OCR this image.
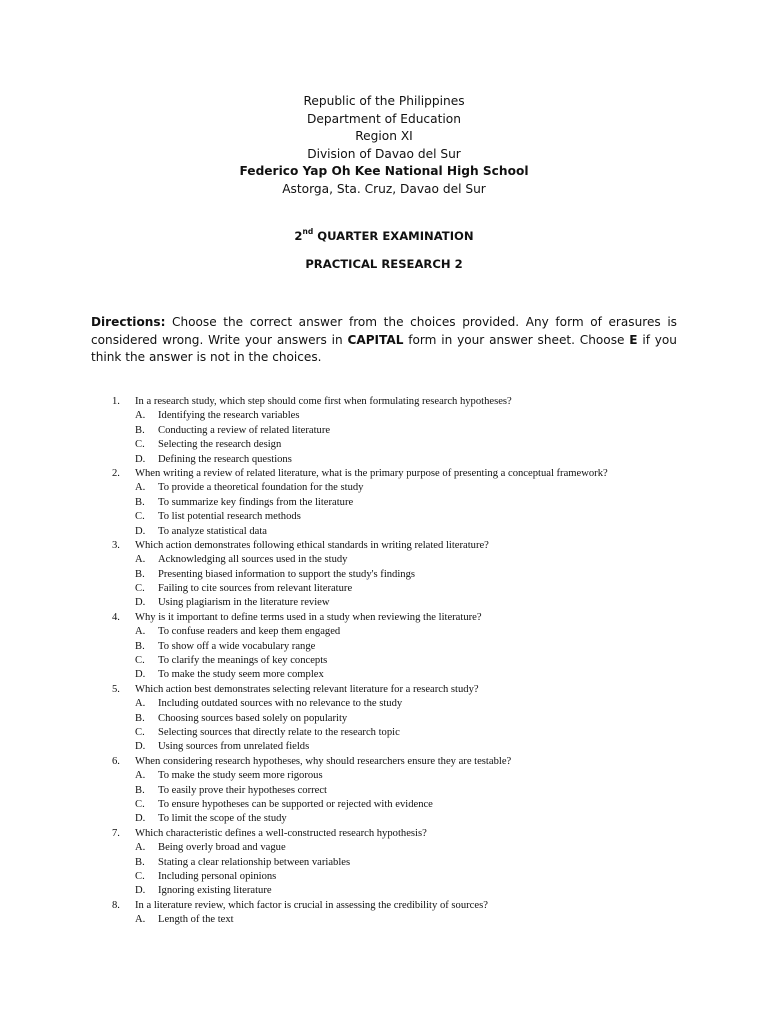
Republic of the Philippines
Department of Education
Region XI
Division of Davao del Sur
Federico Yap Oh Kee National High School
Astorga, Sta. Cruz, Davao del Sur
2nd QUARTER EXAMINATION
PRACTICAL RESEARCH 2
Directions: Choose the correct answer from the choices provided. Any form of erasures is considered wrong. Write your answers in CAPITAL form in your answer sheet. Choose E if you think the answer is not in the choices.
1.	In a research study, which step should come first when formulating research hypotheses?
A. Identifying the research variables
B. Conducting a review of related literature
C. Selecting the research design
D. Defining the research questions
2.	When writing a review of related literature, what is the primary purpose of presenting a conceptual framework?
A. To provide a theoretical foundation for the study
B. To summarize key findings from the literature
C. To list potential research methods
D. To analyze statistical data
3.	Which action demonstrates following ethical standards in writing related literature?
A. Acknowledging all sources used in the study
B. Presenting biased information to support the study's findings
C. Failing to cite sources from relevant literature
D. Using plagiarism in the literature review
4.	Why is it important to define terms used in a study when reviewing the literature?
A. To confuse readers and keep them engaged
B. To show off a wide vocabulary range
C. To clarify the meanings of key concepts
D. To make the study seem more complex
5.	Which action best demonstrates selecting relevant literature for a research study?
A. Including outdated sources with no relevance to the study
B. Choosing sources based solely on popularity
C. Selecting sources that directly relate to the research topic
D. Using sources from unrelated fields
6.	When considering research hypotheses, why should researchers ensure they are testable?
A. To make the study seem more rigorous
B. To easily prove their hypotheses correct
C. To ensure hypotheses can be supported or rejected with evidence
D. To limit the scope of the study
7.	Which characteristic defines a well-constructed research hypothesis?
A. Being overly broad and vague
B. Stating a clear relationship between variables
C. Including personal opinions
D. Ignoring existing literature
8.	In a literature review, which factor is crucial in assessing the credibility of sources?
A. Length of the text
